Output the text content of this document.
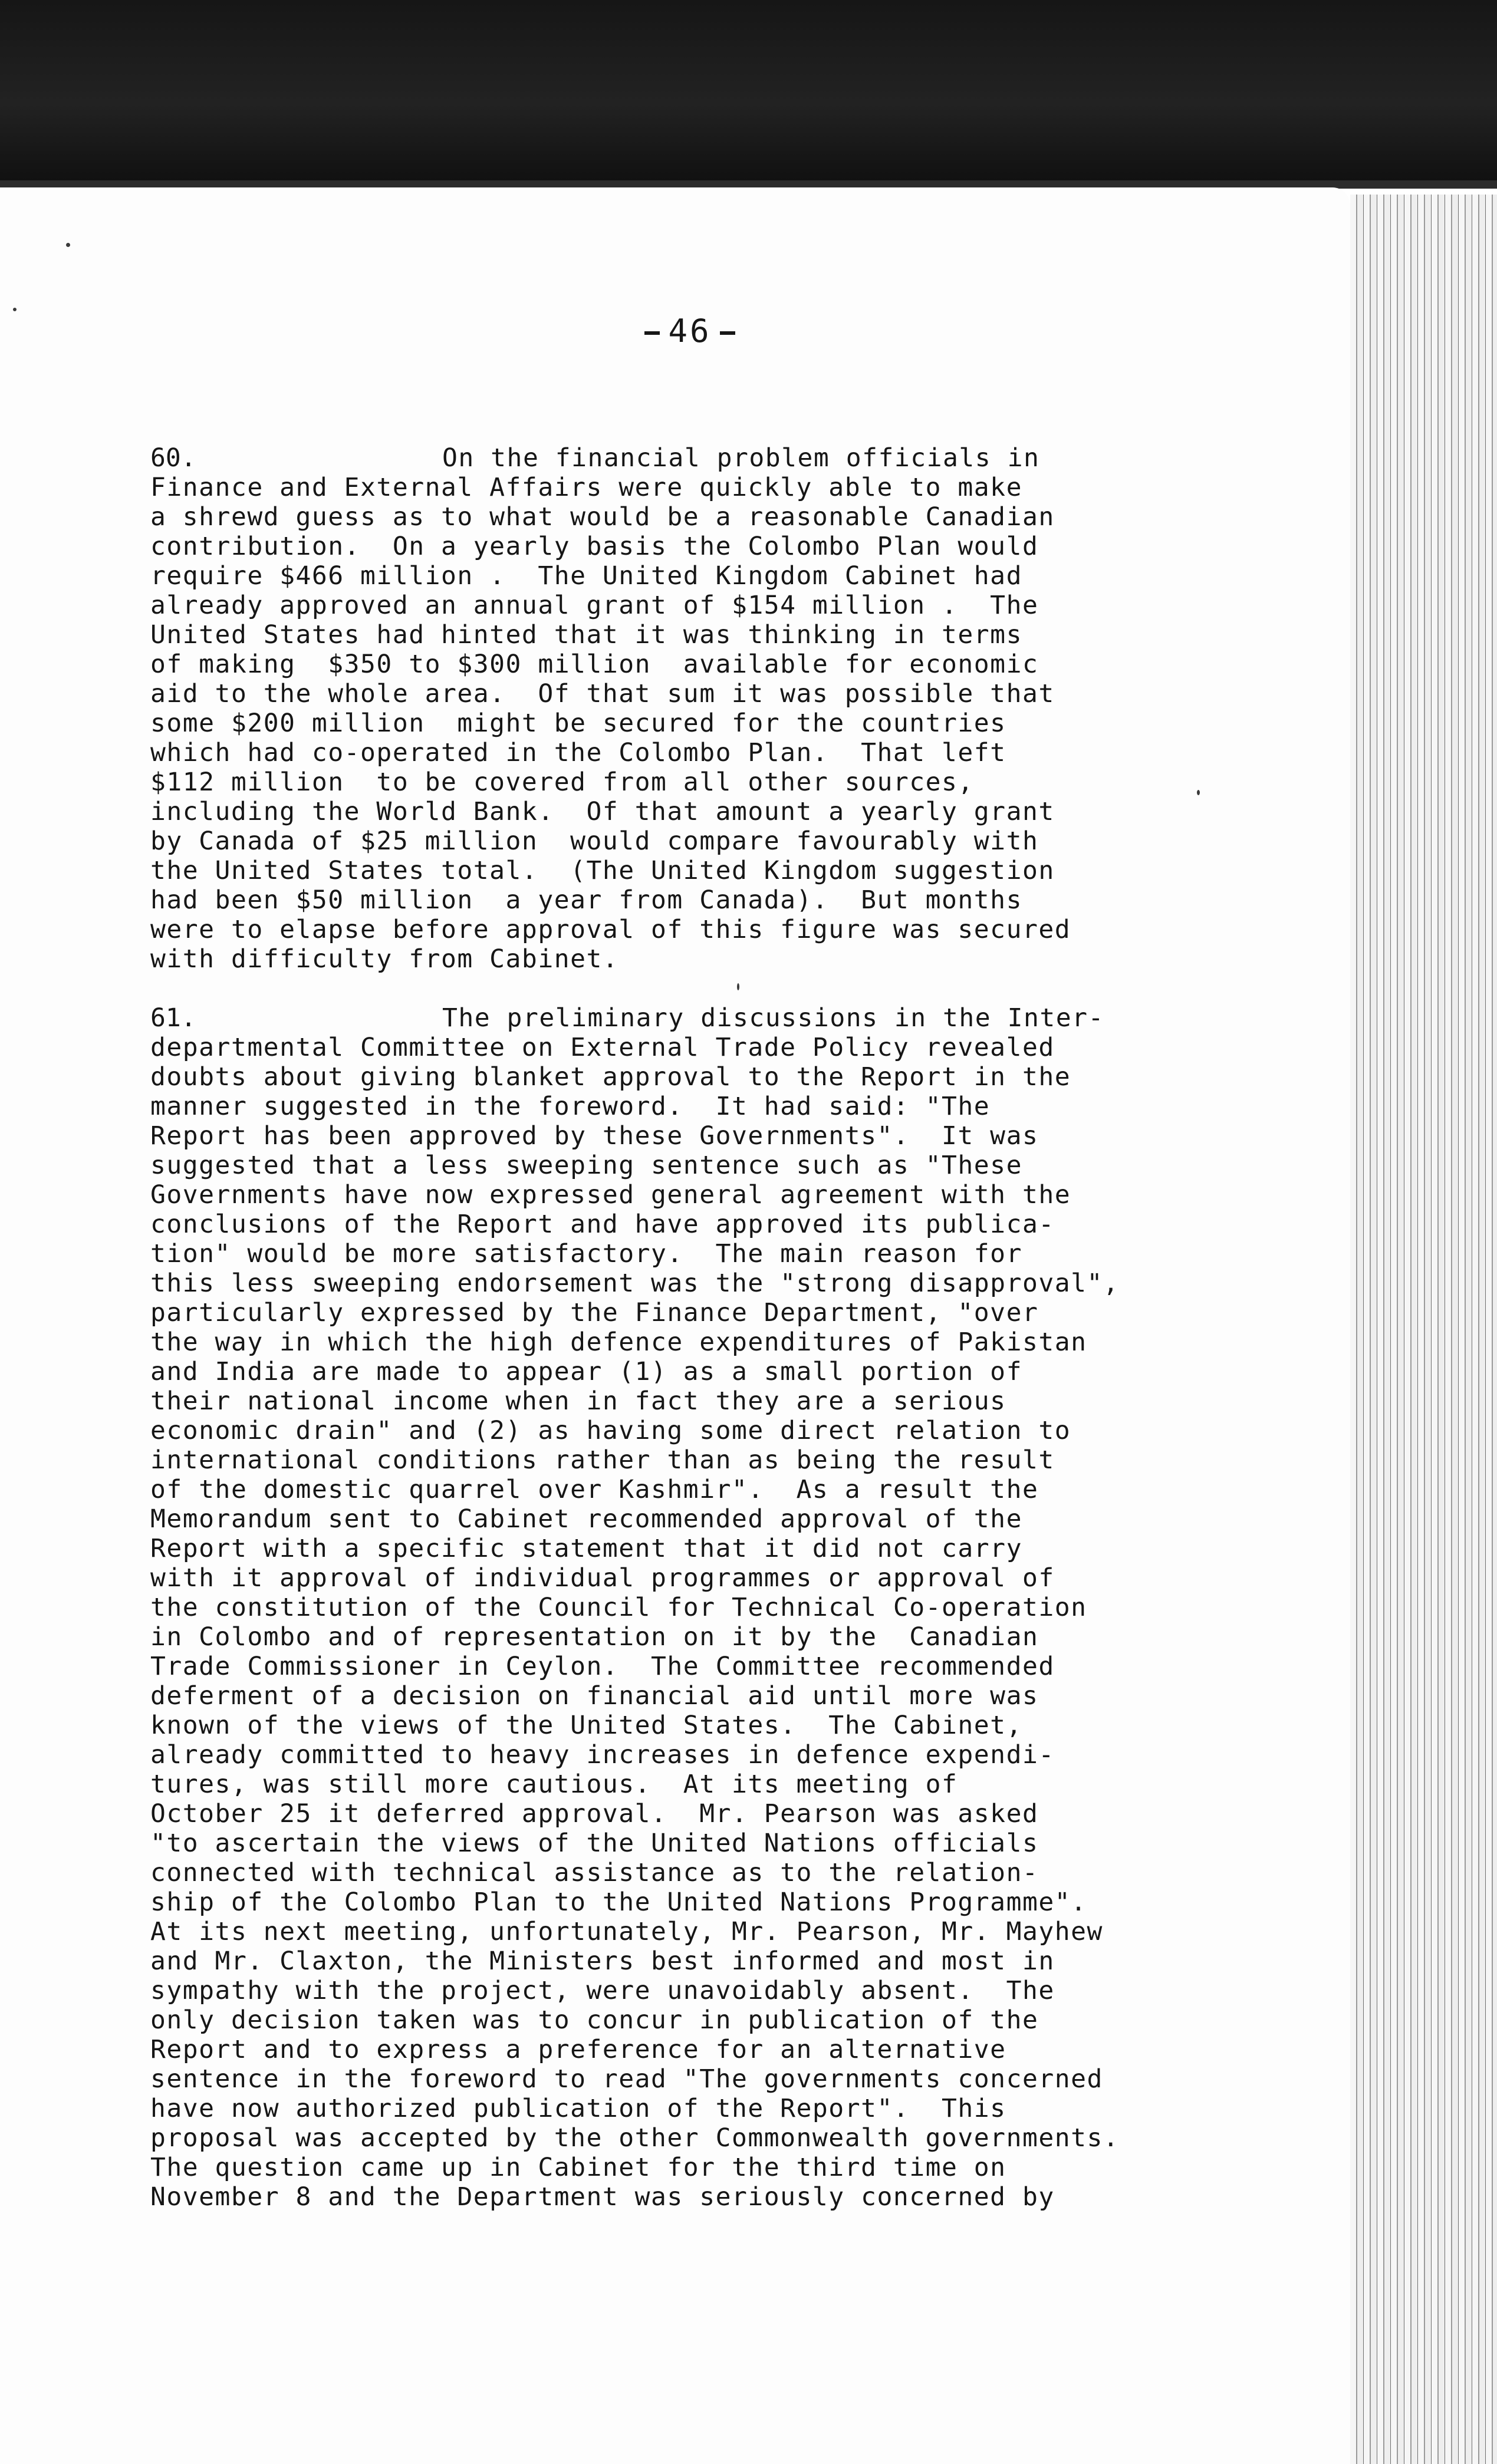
46
60.	On the financial problem officials in
Finance and External Affairs were quickly able to make
a shrewd guess as to what would be a reasonable Canadian
contribution.  On a yearly basis the Colombo Plan would
require $466 million .  The United Kingdom Cabinet had
already approved an annual grant of $154 million .  The
United States had hinted that it was thinking in terms
of making  $350 to $300 million  available for economic
aid to the whole area.  Of that sum it was possible that
some $200 million  might be secured for the countries
which had co-operated in the Colombo Plan.  That left
$112 million  to be covered from all other sources,
including the World Bank.  Of that amount a yearly grant
by Canada of $25 million  would compare favourably with
the United States total.  (The United Kingdom suggestion
had been $50 million  a year from Canada).  But months
were to elapse before approval of this figure was secured
with difficulty from Cabinet.
61.	The preliminary discussions in the Inter-
departmental Committee on External Trade Policy revealed
doubts about giving blanket approval to the Report in the
manner suggested in the foreword.  It had said: "The
Report has been approved by these Governments".  It was
suggested that a less sweeping sentence such as "These
Governments have now expressed general agreement with the
conclusions of the Report and have approved its publica-
tion" would be more satisfactory.  The main reason for
this less sweeping endorsement was the "strong disapproval",
particularly expressed by the Finance Department, "over
the way in which the high defence expenditures of Pakistan
and India are made to appear (1) as a small portion of
their national income when in fact they are a serious
economic drain" and (2) as having some direct relation to
international conditions rather than as being the result
of the domestic quarrel over Kashmir".  As a result the
Memorandum sent to Cabinet recommended approval of the
Report with a specific statement that it did not carry
with it approval of individual programmes or approval of
the constitution of the Council for Technical Co-operation
in Colombo and of representation on it by the  Canadian
Trade Commissioner in Ceylon.  The Committee recommended
deferment of a decision on financial aid until more was
known of the views of the United States.  The Cabinet,
already committed to heavy increases in defence expendi-
tures, was still more cautious.  At its meeting of
October 25 it deferred approval.  Mr. Pearson was asked
"to ascertain the views of the United Nations officials
connected with technical assistance as to the relation-
ship of the Colombo Plan to the United Nations Programme".
At its next meeting, unfortunately, Mr. Pearson, Mr. Mayhew
and Mr. Claxton, the Ministers best informed and most in
sympathy with the project, were unavoidably absent.  The
only decision taken was to concur in publication of the
Report and to express a preference for an alternative
sentence in the foreword to read "The governments concerned
have now authorized publication of the Report".  This
proposal was accepted by the other Commonwealth governments.
The question came up in Cabinet for the third time on
November 8 and the Department was seriously concerned by
